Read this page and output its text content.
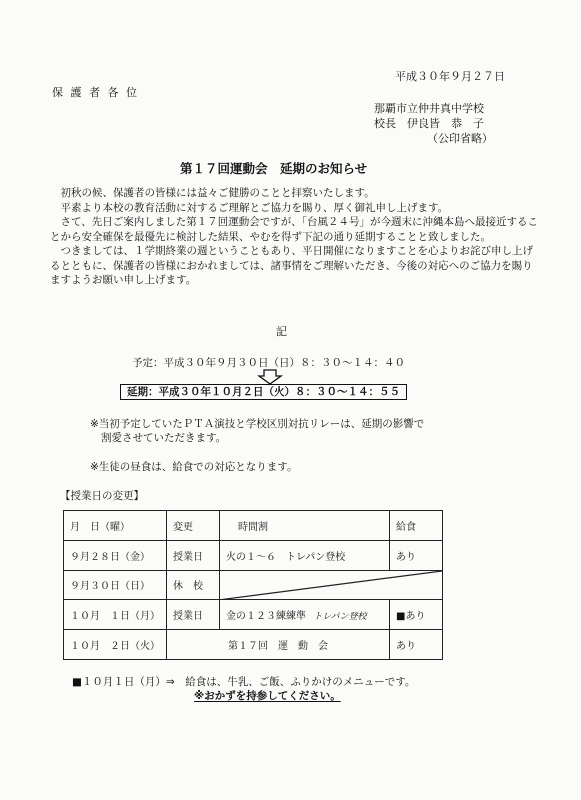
平成３０年９月２７日
保 護 者 各 位
那覇市立仲井真中学校
校長　伊良皆　恭　子
（公印省略）
第１７回運動会　延期のお知らせ

初秋の候、保護者の皆様には益々ご健勝のことと拝察いたします。

平素より本校の教育活動に対するご理解とご協力を賜り、厚く御礼申し上げます。

さて、先日ご案内しました第１７回運動会ですが、「台風２４号」が今週末に沖縄本島へ最接近することから安全確保を最優先に検討した結果、やむを得ず下記の通り延期することと致しました。

つきましては、１学期終業の週ということもあり、平日開催になりますことを心よりお詫び申し上げるとともに、保護者の皆様におかれましては、諸事情をご理解いただき、今後の対応へのご協力を賜りますようお願い申し上げます。

記
予定：平成３０年９月３０日（日）８：３０～１４：４０
延期：平成３０年１０月２日（火）８：３０～１４：５５
※当初予定していたＰＴＡ演技と学校区別対抗リレーは、延期の影響で
割愛させていただきます。
※生徒の昼食は、給食での対応となります。
【授業日の変更】
月　日（曜）	変更	時間割	給食
９月２８日（金）	授業日	火の１～６　トレパン登校	あり
９月３０日（日）	休　校	

１０月　１日（月）	授業日	金の１２３練練準 トレパン登校	■あり
１０月　２日（火）	第１７回　運　動　会		あり
■１０月１日（月）⇒　給食は、牛乳、ご飯、ふりかけのメニューです。
※おかずを持参してください。
